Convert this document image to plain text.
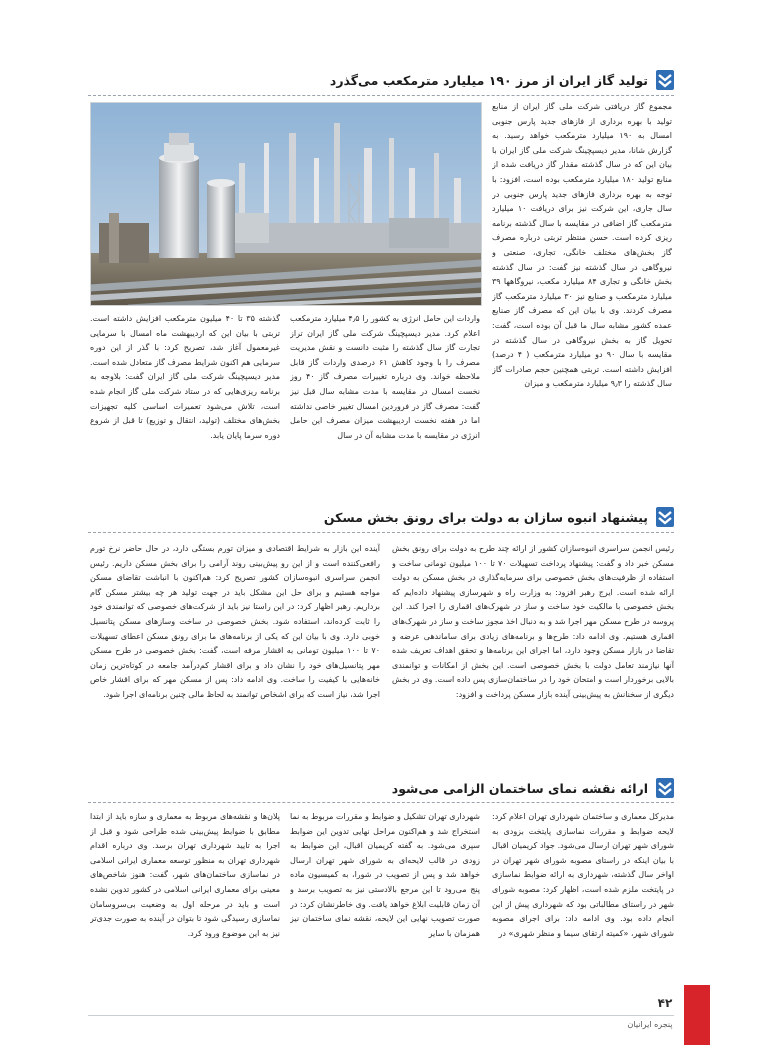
تولید گاز ایران از مرز ۱۹۰ میلیارد مترمکعب می‌گذرد

مجموع گاز دریافتی شرکت ملی گاز ایران از منابع تولید با بهره برداری از فازهای جدید پارس جنوبی امسال به ۱۹۰ میلیارد مترمکعب خواهد رسید. به گزارش شانا، مدیر دیسپچینگ شرکت ملی گاز ایران با بیان این که در سال گذشته مقدار گاز دریافت شده از منابع تولید ۱۸۰ میلیارد مترمکعب بوده است، افزود: با توجه به بهره برداری فازهای جدید پارس جنوبی در سال جاری، این شرکت نیز برای دریافت ۱۰ میلیارد مترمکعب گاز اضافی در مقایسه با سال گذشته برنامه ریزی کرده است. حسن منتظر تربتی درباره مصرف گاز بخش‌های مختلف خانگی، تجاری، صنعتی و نیروگاهی در سال گذشته نیز گفت: در سال گذشته بخش خانگی و تجاری ۸۴ میلیارد مکعب، نیروگاهها ۳۹ میلیارد مترمکعب و صنایع نیز ۳۰ میلیارد مترمکعب گاز مصرف کردند. وی با بیان این که مصرف گاز صنایع عمده کشور مشابه سال ما قبل آن بوده است، گفت: تحویل گاز به بخش نیروگاهی در سال گذشته در مقایسه با سال ۹۰ دو میلیارد مترمکعب ( ۴ درصد) افزایش داشته است. تربتی همچنین حجم صادرات گاز سال گذشته را ۹٫۳ میلیارد مترمکعب و میزان

واردات این حامل انرژی به کشور را ۴٫۵ میلیارد مترمکعب اعلام کرد. مدیر دیسپچینگ شرکت ملی گاز ایران تراز تجارت گاز سال گذشته را مثبت دانست و نقش مدیریت مصرف را با وجود کاهش ۶۱ درصدی واردات گاز قابل ملاحظه خواند. وی درباره تغییرات مصرف گاز ۴۰ روز نخست امسال در مقایسه با مدت مشابه سال قبل نیز گفت: مصرف گاز در فروردین امسال تغییر خاصی نداشته اما در هفته نخست اردیبهشت میزان مصرف این حامل انرژی در مقایسه با مدت مشابه آن در سال

گذشته ۳۵ تا ۴۰ میلیون مترمکعب افزایش داشته است. تربتی با بیان این که اردیبهشت ماه امسال با سرمایی غیرمعمول آغاز شد، تصریح کرد: با گذر از این دوره سرمایی هم اکنون شرایط مصرف گاز متعادل شده است. مدیر دیسپچینگ شرکت ملی گاز ایران گفت: بلاوجه به برنامه ریزی‌هایی که در ستاد شرکت ملی گاز انجام شده است، تلاش می‌شود تعمیرات اساسی کلیه تجهیزات بخش‌های مختلف (تولید، انتقال و توزیع) تا قبل از شروع دوره سرما پایان یابد.

پیشنهاد انبوه سازان به دولت برای رونق بخش مسکن

رئیس انجمن سراسری انبوه‌سازان کشور از ارائه چند طرح به دولت برای رونق بخش مسکن خبر داد و گفت: پیشنهاد پرداخت تسهیلات ۷۰ تا ۱۰۰ میلیون تومانی ساخت و استفاده از ظرفیت‌های بخش خصوصی برای سرمایه‌گذاری در بخش مسکن به دولت ارائه شده است. ایرج رهبر افزود: به وزارت راه و شهرسازی پیشنهاد داده‌ایم که بخش خصوصی با مالکیت خود ساخت و ساز در شهرک‌های اقماری را اجرا کند. این پروسه در طرح مسکن مهر اجرا شد و به دنبال اخذ مجوز ساخت و ساز در شهرک‌های اقماری هستیم. وی ادامه داد: طرح‌ها و برنامه‌های زیادی برای ساماندهی عرضه و تقاضا در بازار مسکن وجود دارد، اما اجرای این برنامه‌ها و تحقق اهداف تعریف شده آنها نیازمند تعامل دولت با بخش خصوصی است. این بخش از امکانات و توانمندی بالایی برخوردار است و امتحان خود را در ساختمان‌سازی پس داده است. وی در بخش دیگری از سخنانش به پیش‌بینی آینده بازار مسکن پرداخت و افزود:

آینده این بازار به شرایط اقتصادی و میزان تورم بستگی دارد، در حال حاضر نرخ تورم رافعی‌کننده است و از این رو پیش‌بینی روند آرامی را برای بخش مسکن داریم. رئیس انجمن سراسری انبوه‌سازان کشور تصریح کرد: هم‌اکنون با انباشت تقاضای مسکن مواجه هستیم و برای حل این مشکل باید در جهت تولید هر چه بیشتر مسکن گام برداریم. رهبر اظهار کرد: در این راستا نیز باید از شرکت‌های خصوصی که توانمندی خود را ثابت کرده‌اند، استفاده شود. بخش خصوصی در ساخت وسازهای مسکن پتانسیل خوبی دارد. وی با بیان این که یکی از برنامه‌های ما برای رونق مسکن اعطای تسهیلات ۷۰ تا ۱۰۰ میلیون تومانی به اقشار مرفه است، گفت: بخش خصوصی در طرح مسکن مهر پتانسیل‌های خود را نشان داد و برای اقشار کم‌درآمد جامعه در کوتاه‌ترین زمان خانه‌هایی با کیفیت را ساخت. وی ادامه داد: پس از مسکن مهر که برای اقشار خاص اجرا شد، نیاز است که برای اشخاص توانمند به لحاظ مالی چنین برنامه‌ای اجرا شود.

ارائه نقشه نمای ساختمان الزامی می‌شود

مدیرکل معماری و ساختمان شهرداری تهران اعلام کرد: لایحه ضوابط و مقررات نماسازی پایتخت بزودی به شورای شهر تهران ارسال می‌شود. جواد کریمیان اقبال با بیان اینکه در راستای مصوبه شورای شهر تهران در اواخر سال گذشته، شهرداری به ارائه ضوابط نماسازی در پایتخت ملزم شده است، اظهار کرد: مصوبه شورای شهر در راستای مطالباتی بود که شهرداری پیش از این انجام داده بود. وی ادامه داد: برای اجرای مصوبه شورای شهر، «کمیته ارتقای سیما و منظر شهری» در

شهرداری تهران تشکیل و ضوابط و مقررات مربوط به نما استخراج شد و هم‌اکنون مراحل نهایی تدوین این ضوابط سپری می‌شود. به گفته کریمیان اقبال، این ضوابط به زودی در قالب لایحه‌ای به شورای شهر تهران ارسال خواهد شد و پس از تصویب در شورا، به کمیسیون ماده پنج می‌رود تا این مرجع بالادستی نیز به تصویب برسد و آن زمان قابلیت ابلاغ خواهد یافت. وی خاطرنشان کرد: در صورت تصویب نهایی این لایحه، نقشه نمای ساختمان نیز همزمان با سایر

پلان‌ها و نقشه‌های مربوط به معماری و سازه باید از ابتدا مطابق با ضوابط پیش‌بینی شده طراحی شود و قبل از اجرا به تایید شهرداری تهران برسد. وی درباره اقدام شهرداری تهران به منظور توسعه معماری ایرانی اسلامی در نماسازی ساختمان‌های شهر، گفت: هنوز شاخص‌های معینی برای معماری ایرانی اسلامی در کشور تدوین نشده است و باید در مرحله اول به وضعیت بی‌سروسامان نماسازی رسیدگی شود تا بتوان در آینده به صورت جدی‌تر نیز به این موضوع ورود کرد.

۴۲
پنجره ایرانیان
